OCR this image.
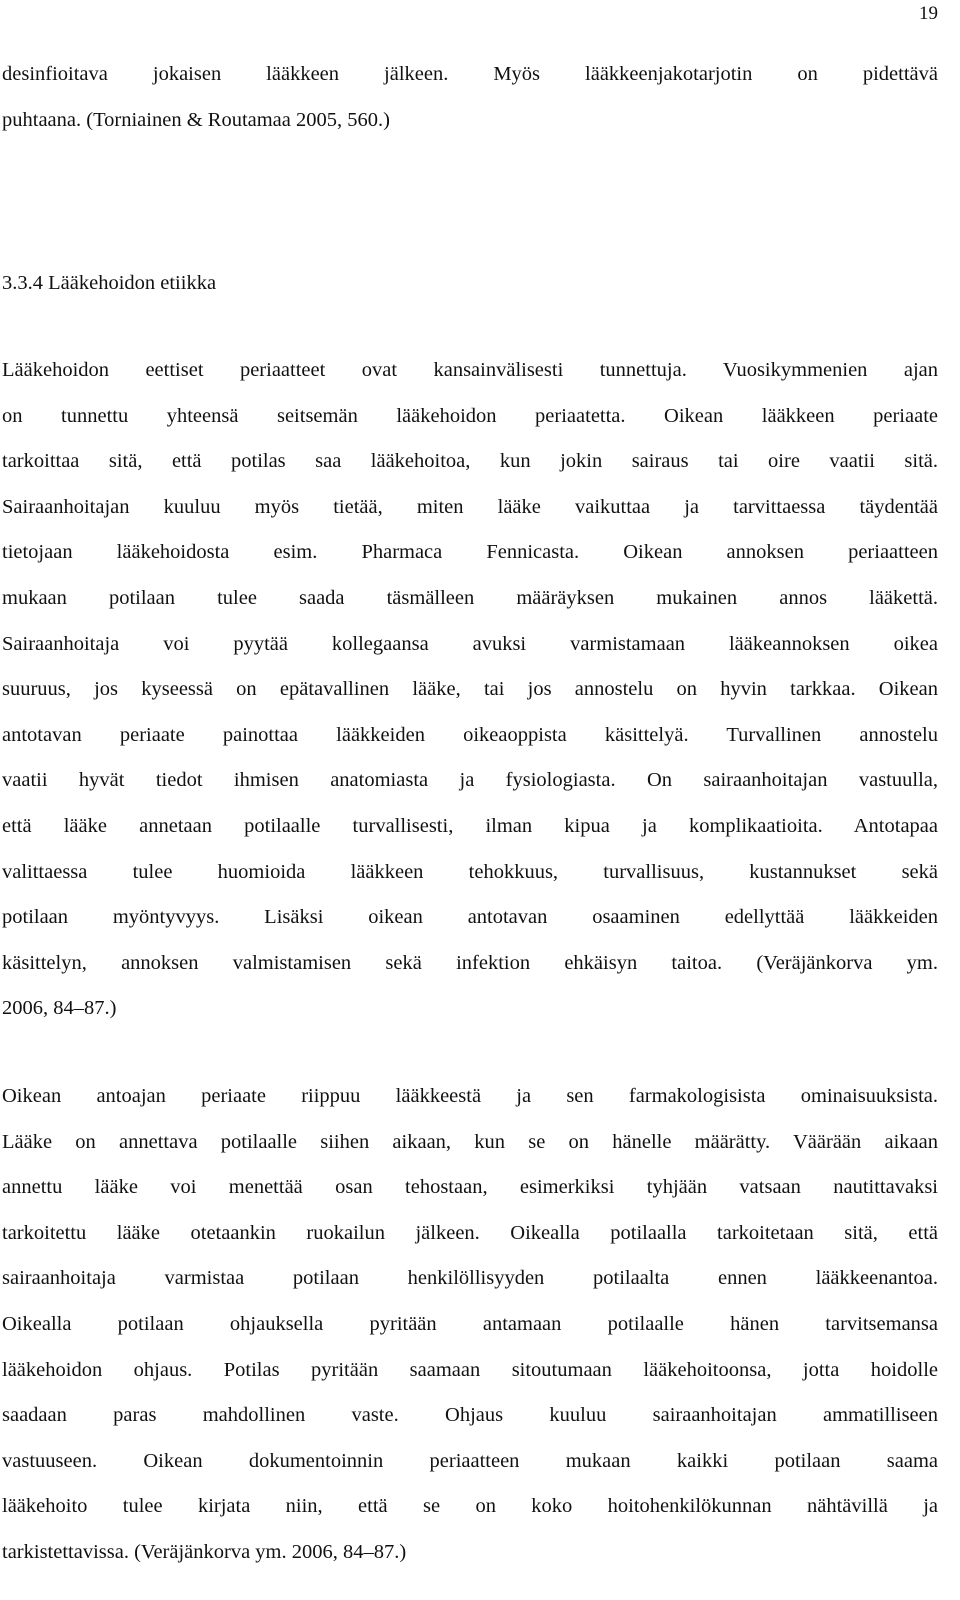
19
desinfioitava jokaisen lääkkeen jälkeen. Myös lääkkeenjakotarjotin on pidettävä
puhtaana. (Torniainen & Routamaa 2005, 560.)
3.3.4 Lääkehoidon etiikka
Lääkehoidon eettiset periaatteet ovat kansainvälisesti tunnettuja. Vuosikymmenien ajan
on tunnettu yhteensä seitsemän lääkehoidon periaatetta. Oikean lääkkeen periaate
tarkoittaa sitä, että potilas saa lääkehoitoa, kun jokin sairaus tai oire vaatii sitä.
Sairaanhoitajan kuuluu myös tietää, miten lääke vaikuttaa ja tarvittaessa täydentää
tietojaan lääkehoidosta esim. Pharmaca Fennicasta. Oikean annoksen periaatteen
mukaan potilaan tulee saada täsmälleen määräyksen mukainen annos lääkettä.
Sairaanhoitaja voi pyytää kollegaansa avuksi varmistamaan lääkeannoksen oikea
suuruus, jos kyseessä on epätavallinen lääke, tai jos annostelu on hyvin tarkkaa. Oikean
antotavan periaate painottaa lääkkeiden oikeaoppista käsittelyä. Turvallinen annostelu
vaatii hyvät tiedot ihmisen anatomiasta ja fysiologiasta. On sairaanhoitajan vastuulla,
että lääke annetaan potilaalle turvallisesti, ilman kipua ja komplikaatioita. Antotapaa
valittaessa tulee huomioida lääkkeen tehokkuus, turvallisuus, kustannukset sekä
potilaan myöntyvyys. Lisäksi oikean antotavan osaaminen edellyttää lääkkeiden
käsittelyn, annoksen valmistamisen sekä infektion ehkäisyn taitoa. (Veräjänkorva ym.
2006, 84–87.)
Oikean antoajan periaate riippuu lääkkeestä ja sen farmakologisista ominaisuuksista.
Lääke on annettava potilaalle siihen aikaan, kun se on hänelle määrätty. Väärään aikaan
annettu lääke voi menettää osan tehostaan, esimerkiksi tyhjään vatsaan nautittavaksi
tarkoitettu lääke otetaankin ruokailun jälkeen. Oikealla potilaalla tarkoitetaan sitä, että
sairaanhoitaja varmistaa potilaan henkilöllisyyden potilaalta ennen lääkkeenantoa.
Oikealla potilaan ohjauksella pyritään antamaan potilaalle hänen tarvitsemansa
lääkehoidon ohjaus. Potilas pyritään saamaan sitoutumaan lääkehoitoonsa, jotta hoidolle
saadaan paras mahdollinen vaste. Ohjaus kuuluu sairaanhoitajan ammatilliseen
vastuuseen. Oikean dokumentoinnin periaatteen mukaan kaikki potilaan saama
lääkehoito tulee kirjata niin, että se on koko hoitohenkilökunnan nähtävillä ja
tarkistettavissa. (Veräjänkorva ym. 2006, 84–87.)
